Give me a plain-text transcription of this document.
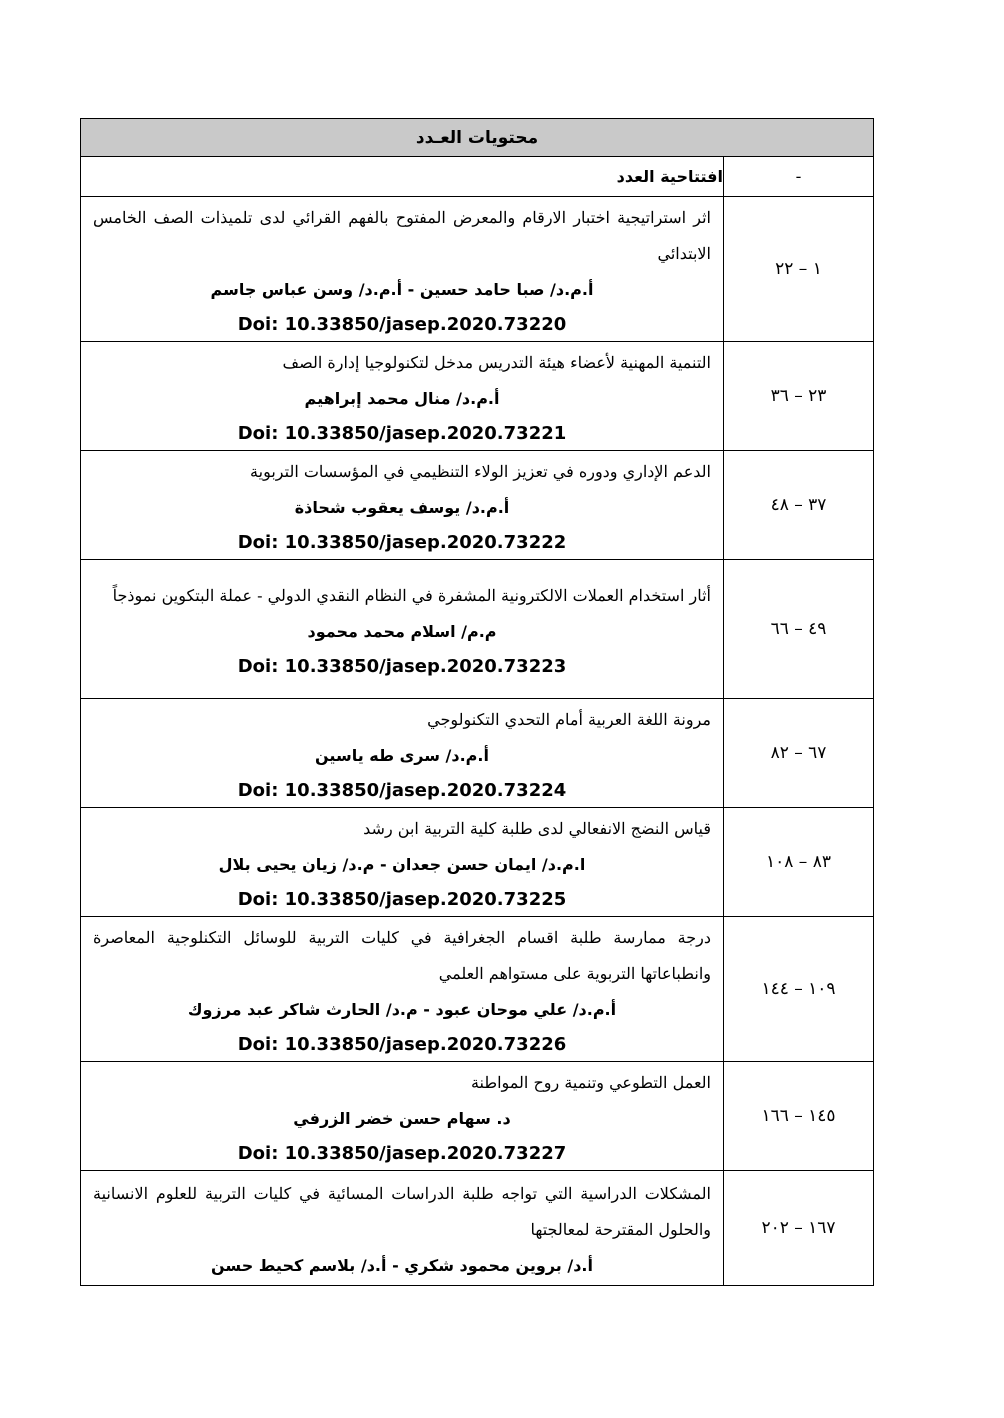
محتويات العـدد	
افتتاحية العدد	-

اثر استراتيجية اختبار الارقام والمعرض المفتوح بالفهم القرائي لدى تلميذات الصف الخامس الابتدائي
أ.م.د/ صبا حامد حسين - أ.م.د/ وسن عباس جاسم
Doi: 10.33850/jasep.2020.73220	١ – ٢٢

التنمية المهنية لأعضاء هيئة التدريس مدخل لتكنولوجيا إدارة الصف
أ.م.د/ منال محمد إبراهيم
Doi: 10.33850/jasep.2020.73221	٢٣ – ٣٦

الدعم الإداري ودوره في تعزيز الولاء التنظيمي في المؤسسات التربوية
أ.م.د/ يوسف يعقوب شحاذة
Doi: 10.33850/jasep.2020.73222	٣٧ – ٤٨

أثار استخدام العملات الالكترونية المشفرة في النظام النقدي الدولي - عملة البتكوين نموذجاً
م.م/ اسلام محمد محمود
Doi: 10.33850/jasep.2020.73223	٤٩ – ٦٦

مرونة اللغة العربية أمام التحدي التكنولوجي
أ.م.د/ سرى طه ياسين
Doi: 10.33850/jasep.2020.73224	٦٧ – ٨٢

قياس النضج الانفعالي لدى طلبة كلية التربية ابن رشد
ا.م.د/ ايمان حسن جعدان - م.د/ زيان يحيى بلال
Doi: 10.33850/jasep.2020.73225	٨٣ – ١٠٨

درجة ممارسة طلبة اقسام الجغرافية في كليات التربية للوسائل التكنلوجية المعاصرة وانطباعاتها التربوية على مستواهم العلمي
أ.م.د/ علي موحان عبود - م.د/ الحارث شاكر عبد مرزوك
Doi: 10.33850/jasep.2020.73226	١٠٩ – ١٤٤

العمل التطوعي وتنمية روح المواطنة
د. سهام حسن خضر الزرفي
Doi: 10.33850/jasep.2020.73227	١٤٥ – ١٦٦

المشكلات الدراسية التي تواجه طلبة الدراسات المسائية في كليات التربية للعلوم الانسانية والحلول المقترحة لمعالجتها
أ.د/ بروين محمود شكري - أ.د/ بلاسم كحيط حسن	١٦٧ – ٢٠٢
